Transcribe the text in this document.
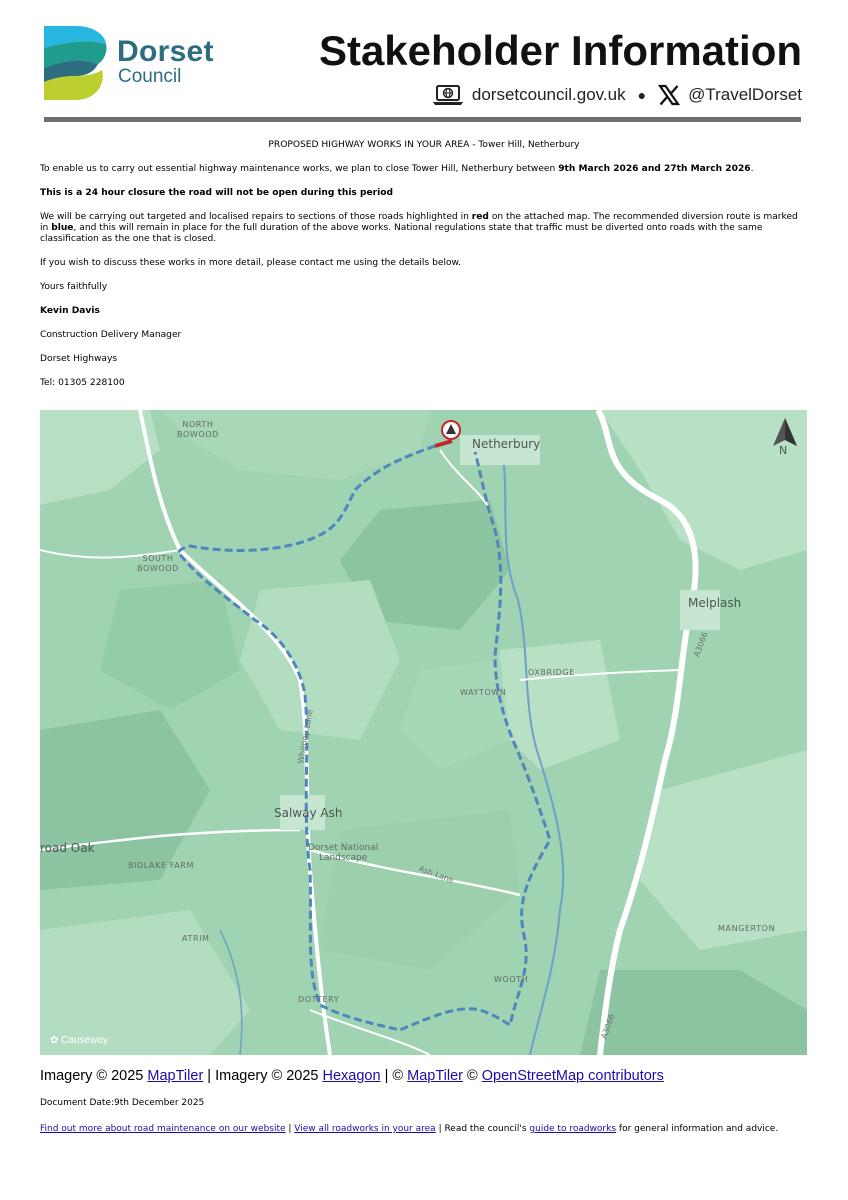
Dorset
Council
Stakeholder Information
dorsetcouncil.gov.uk ● @TravelDorset
PROPOSED HIGHWAY WORKS IN YOUR AREA - Tower Hill, Netherbury
To enable us to carry out essential highway maintenance works, we plan to close Tower Hill, Netherbury between 9th March 2026 and 27th March 2026.
This is a 24 hour closure the road will not be open during this period
We will be carrying out targeted and localised repairs to sections of those roads highlighted in red on the attached map. The recommended diversion route is marked in blue, and this will remain in place for the full duration of the above works. National regulations state that traffic must be diverted onto roads with the same classification as the one that is closed.
If you wish to discuss these works in more detail, please contact me using the details below.
Yours faithfully
Kevin Davis
Construction Delivery Manager
Dorset Highways
Tel: 01305 228100
NORTH
BOWOOD
Netherbury	N
SOUTH
BOWOOD
Melplash
A3066
OXBRIDGE
WAYTOWN
Whitney Lane
Salway Ash
road Oak	Dorset National
Landscape
BIDLAKE FARM	Ash Lane
ATRIM
MANGERTON
WOOTH
DOTTERY
A3066
✿ Causeway
Imagery © 2025 MapTiler | Imagery © 2025 Hexagon | © MapTiler © OpenStreetMap contributors
Document Date:9th December 2025
Find out more about road maintenance on our website | View all roadworks in your area | Read the council's guide to roadworks for general information and advice.
